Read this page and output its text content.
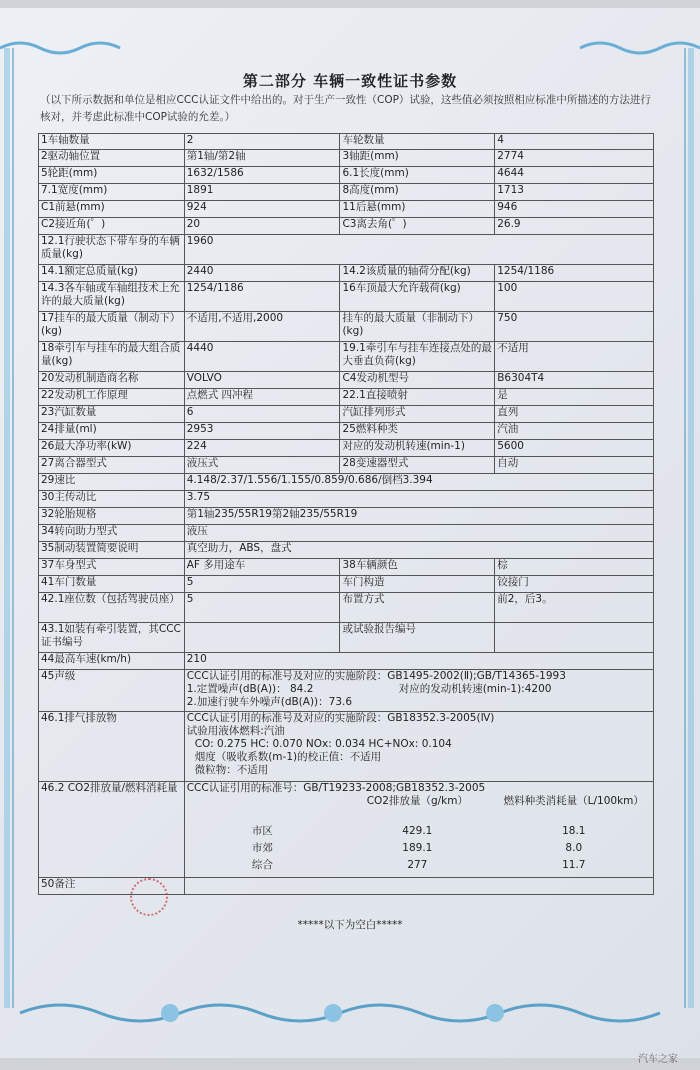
第二部分 车辆一致性证书参数
（以下所示数据和单位是相应CCC认证文件中给出的。对于生产一致性（COP）试验，这些值必须按照相应标准中所描述的方法进行核对，并考虑此标准中COP试验的允差。）
1车轴数量	2	车轮数量	4
2驱动轴位置	第1轴/第2轴	3轴距(mm)	2774
5轮距(mm)	1632/1586	6.1长度(mm)	4644
7.1宽度(mm)	1891	8高度(mm)	1713
C1前悬(mm)	924	11后悬(mm)	946
C2接近角(゜)	20	C3离去角(゜)	26.9
12.1行驶状态下带车身的车辆质量(kg)	1960
14.1额定总质量(kg)	2440	14.2该质量的轴荷分配(kg)	1254/1186
14.3各车轴或车轴组技术上允许的最大质量(kg)	1254/1186	16车顶最大允许载荷(kg)	100
17挂车的最大质量（制动下）(kg)	不适用,不适用,2000	挂车的最大质量（非制动下）(kg)	750
18牵引车与挂车的最大组合质量(kg)	4440	19.1牵引车与挂车连接点处的最大垂直负荷(kg)	不适用
20发动机制造商名称	VOLVO	C4发动机型号	B6304T4
22发动机工作原理	点燃式 四冲程	22.1直接喷射	是
23汽缸数量	6	汽缸排列形式	直列
24排量(ml)	2953	25燃料种类	汽油
26最大净功率(kW)	224	对应的发动机转速(min-1)	5600
27离合器型式	液压式	28变速器型式	自动
29速比	4.148/2.37/1.556/1.155/0.859/0.686/倒档3.394
30主传动比	3.75
32轮胎规格	第1轴235/55R19第2轴235/55R19
34转向助力型式	液压
35制动装置简要说明	真空助力，ABS，盘式
37车身型式	AF 多用途车	38车辆颜色	棕
41车门数量	5	车门构造	铰接门
42.1座位数（包括驾驶员座）	5	布置方式	前2，后3。
43.1如装有牵引装置，其CCC证书编号		或试验报告编号	
44最高车速(km/h)	210
45声级	CCC认证引用的标准号及对应的实施阶段：GB1495-2002(Ⅱ);GB/T14365-1993
1.定置噪声(dB(A))： 84.2	对应的发动机转速(min-1):4200
2.加速行驶车外噪声(dB(A))：73.6

46.1排气排放物	CCC认证引用的标准号及对应的实施阶段：GB18352.3-2005(Ⅳ)
试验用液体燃料:汽油
CO: 0.275 HC: 0.070 NOx: 0.034 HC+NOx: 0.104
烟度（吸收系数(m-1)的校正值：不适用
微粒物：不适用

46.2 CO2排放量/燃料消耗量	CCC认证引用的标准号：GB/T19233-2008;GB18352.3-2005
	CO2排放量（g/km）	燃料种类消耗量（L/100km）
市区	429.1	18.1
市郊	189.1	8.0
综合	277	11.7

50备注	
*****以下为空白*****
汽车之家
